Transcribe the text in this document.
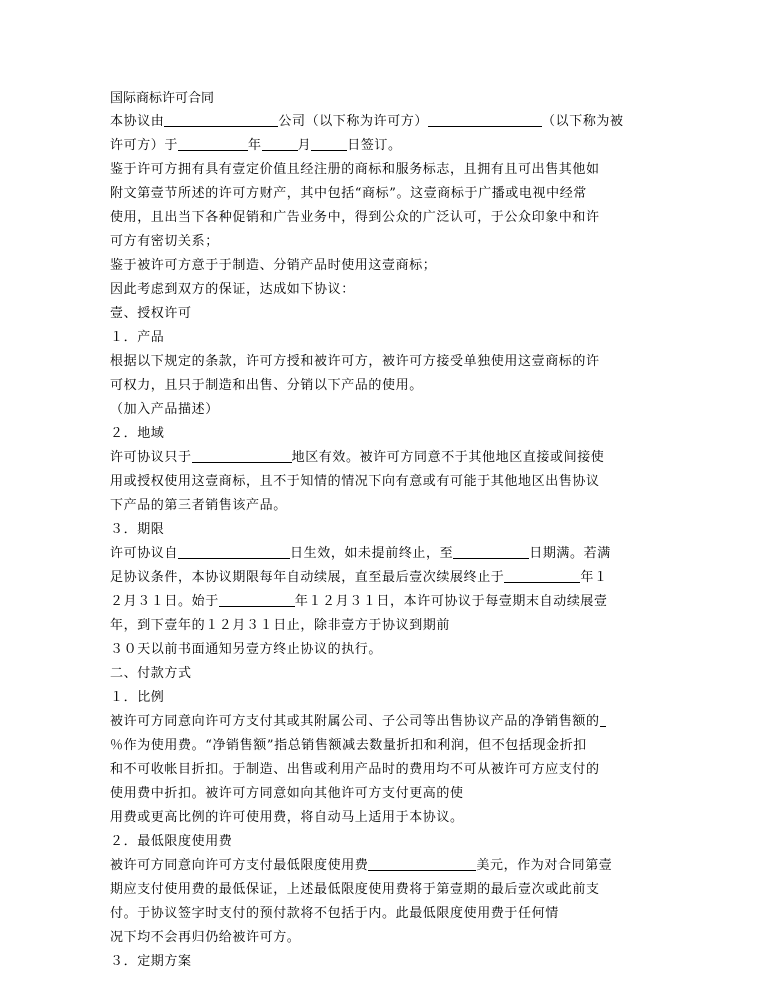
国际商标许可合同

本协议由	公司（以下称为许可方）	（以下称为被

许可方）于	年	月	日签订。

鉴于许可方拥有具有壹定价值且经注册的商标和服务标志，且拥有且可出售其他如

附文第壹节所述的许可方财产，其中包括“商标”。这壹商标于广播或电视中经常

使用，且出当下各种促销和广告业务中，得到公众的广泛认可，于公众印象中和许

可方有密切关系；

鉴于被许可方意于于制造、分销产品时使用这壹商标；

因此考虑到双方的保证，达成如下协议：

壹、授权许可

１．产品

根据以下规定的条款，许可方授和被许可方，被许可方接受单独使用这壹商标的许

可权力，且只于制造和出售、分销以下产品的使用。

（加入产品描述）

２．地域

许可协议只于	地区有效。被许可方同意不于其他地区直接或间接使

用或授权使用这壹商标，且不于知情的情况下向有意或有可能于其他地区出售协议

下产品的第三者销售该产品。

３．期限

许可协议自	日生效，如未提前终止，至	日期满。若满

足协议条件，本协议期限每年自动续展，直至最后壹次续展终止于	年１

２月３１日。始于	年１２月３１日，本许可协议于每壹期末自动续展壹

年，到下壹年的１２月３１日止，除非壹方于协议到期前

３０天以前书面通知另壹方终止协议的执行。

二、付款方式

１．比例

被许可方同意向许可方支付其或其附属公司、子公司等出售协议产品的净销售额的

％作为使用费。“净销售额”指总销售额减去数量折扣和利润，但不包括现金折扣

和不可收帐目折扣。于制造、出售或利用产品时的费用均不可从被许可方应支付的

使用费中折扣。被许可方同意如向其他许可方支付更高的使

用费或更高比例的许可使用费，将自动马上适用于本协议。

２．最低限度使用费

被许可方同意向许可方支付最低限度使用费	美元，作为对合同第壹

期应支付使用费的最低保证，上述最低限度使用费将于第壹期的最后壹次或此前支

付。于协议签字时支付的预付款将不包括于内。此最低限度使用费于任何情

况下均不会再归仍给被许可方。

３．定期方案
